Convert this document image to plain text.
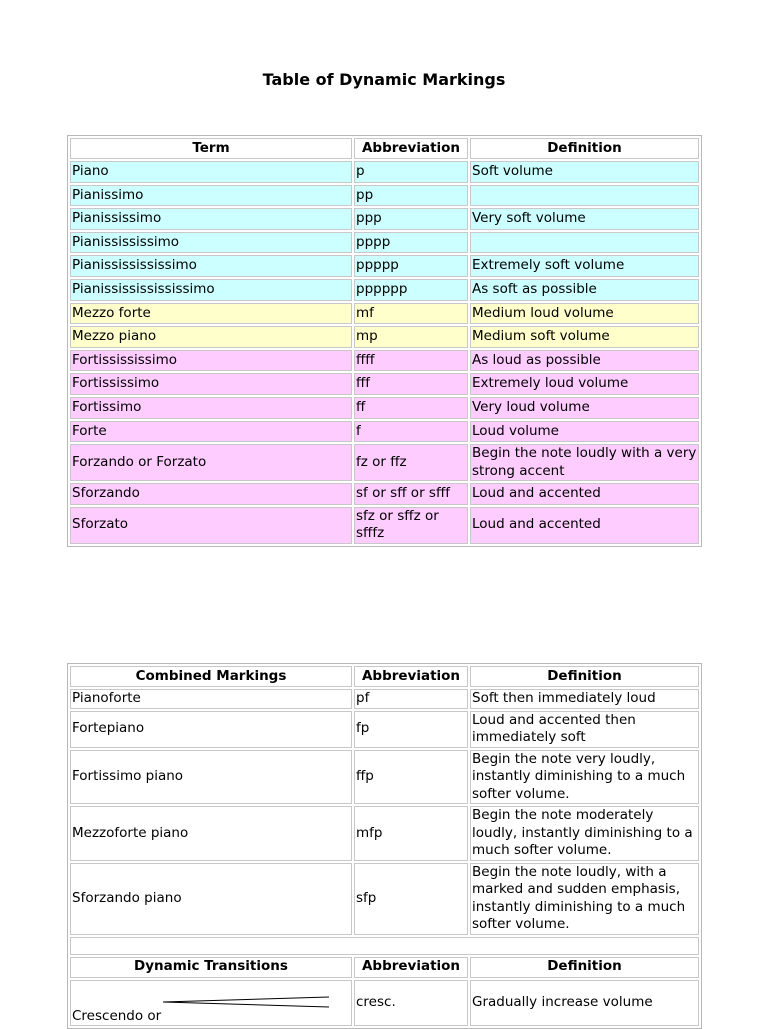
Table of Dynamic Markings
Term	Abbreviation	Definition
Piano	p	Soft volume
Pianissimo	pp	
Pianississimo	ppp	Very soft volume
Pianissississimo	pppp	
Pianississississimo	ppppp	Extremely soft volume
Pianissississississimo	pppppp	As soft as possible
Mezzo forte	mf	Medium loud volume
Mezzo piano	mp	Medium soft volume
Fortissississimo	ffff	As loud as possible
Fortississimo	fff	Extremely loud volume
Fortissimo	ff	Very loud volume
Forte	f	Loud volume
Forzando or Forzato	fz or ffz	Begin the note loudly with a very strong accent
Sforzando	sf or sff or sfff	Loud and accented
Sforzato	sfz or sffz or sfffz	Loud and accented
Combined Markings	Abbreviation	Definition
Pianoforte	pf	Soft then immediately loud
Fortepiano	fp	Loud and accented then immediately soft
Fortissimo piano	ffp	Begin the note very loudly, instantly diminishing to a much softer volume.
Mezzoforte piano	mfp	Begin the note moderately loudly, instantly diminishing to a much softer volume.
Sforzando piano	sfp	Begin the note loudly, with a marked and sudden emphasis, instantly diminishing to a much softer volume.

Dynamic Transitions	Abbreviation	Definition

Crescendo or	cresc.	Gradually increase volume
